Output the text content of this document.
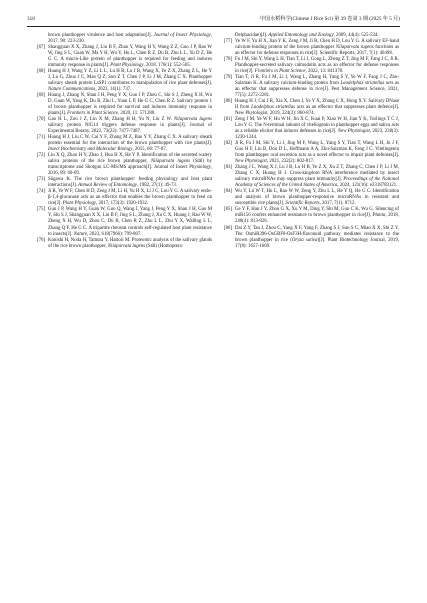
318	中国水稻科学(Chinese J Rice Sci) 第 39 卷第 3 期 (2025 年 5 月)
brown planthopper virulence and host adaptation[J]. Journal of Insect Physiology, 2017, 98: 223-230.
[67] Shangguan X X, Zhang J, Liu B F, Zhao Y, Wang H Y, Wang Z Z, Guo J P, Rao W W, Jing S L, Guan W, Ma Y H, Wu Y, Hu L, Chen R Z, Du B, Zhu L L, Yu D Z, He G C. A mucin-Like protein of planthopper is required for feeding and induces immunity response in plants[J]. Plant Physiology, 2018, 176(1): 552-565.
[68] Huang H J, Wang Y Z, Li L L, Lu H B, Lu J B, Wang X, Ye Z X, Zhang Z L, He Y J, Lu G, Zhuo J C, Mao Q Z, Sun Z T, Chen J P, Li J M, Zhang C X. Planthopper salivary sheath protein LsSP1 contributes to manipulation of rice plant defenses[J]. Nature Communications, 2023, 14(1): 737.
[69] Huang J, Zhang N, Shan J H, Peng Y X, Guo J P, Zhou C, Shi S J, Zheng X H, Wu D, Guan W, Yang K, Du B, Zhu L, Yuan L P, He G C, Chen R Z. Salivary protein 1 of brown planthopper is required for survival and induces immunity response in plants[J]. Frontiers in Plant Science, 2020, 11: 571280.
[70] Gao H L, Zou J Z, Lin X M, Zhang H H, Yu N, Liu Z W. Nilaparvata lugens salivary protein NlG14 triggers defense response in plants[J]. Journal of Experimental Botany, 2022, 73(22): 7477-7487.
[71] Huang H J, Liu C W, Cai Y F, Zhang M Z, Bao Y Y, Zhang C X. A salivary sheath protein essential for the interaction of the brown planthopper with rice plants[J]. Insect Biochemistry and Molecular Biology, 2015, 66: 77-87.
[72] Liu X Q, Zhou H Y, Zhao J, Hua H X, He Y P. Identification of the secreted watery saliva proteins of the rice brown planthopper, Nilaparvata lugens (Stål) by transcriptome and Shotgun LC-MS/MS approach[J]. Journal of Insect Physiology, 2016, 89: 60-69.
[73] Sōgawa K. The rice brown planthopper: feeding physiology and host plant interactions[J]. Annual Review of Entomology, 1982, 27(1): 49-73.
[74] Ji R, Ye W F, Chen H D, Zeng J M, Li H, Yu H X, Li J C, Lou Y G. A salivary endo-β-1,4-glucanase acts as an effector that enables the brown planthopper to feed on rice[J]. Plant Physiology, 2017, 173(3): 1920-1932.
[75] Guo J P, Wang H Y, Guan W, Guo Q, Wang J, Yang J, Peng Y X, Shan J H, Gao M Y, Shi S J, Shangguan X X, Liu B F, Jing S L, Zhang J, Xu C X, Huang J, Rao W W, Zheng X H, Wu D, Zhou C, Du B, Chen R Z, Zhu L L, Zhu Y X, Walling L L, Zhang Q F, He G C. A tripartite rheostat controls self-regulated host plant resistance to insects[J]. Nature, 2023, 618(7966): 799-807.
[76] Konishi H, Noda H, Tamura Y, Hattori M. Proteomic analysis of the salivary glands of the rice brown planthopper, Nilaparvata lugens (Stål) (Homoptera:
Delphacidae)[J]. Applied Entomology and Zoology, 2009, 44(4): 525-534.
[77] Ye W F, Yu H X, Jian Y K, Zeng J M, Ji R, Chen H D, Lou Y G. A salivary EF-hand calcium-binding protein of the brown planthopper Nilaparvata lugens functions as an effector for defense responses in rice[J]. Scientific Reports, 2017, 7(1): 40498.
[78] Fu J M, Shi Y, Wang L H, Tian T, Li J, Gong L, Zheng Z T, Jing M F, Fang J C, Ji R. Planthopper-secreted salivary calmodulin acts as an effector for defense responses in rice[J]. Frontiers in Plant Science, 2022, 13: 841378.
[79] Tian T, Ji R, Fu J M, Li J, Wang L, Zhang H, Yang S Y, Ye W F, Fang J C, Zhu-Salzman K. A salivary calcium-binding protein from Laodelphax striatellus acts as an effector that suppresses defense in rice[J]. Pest Management Science, 2021, 77(5): 2272-2281.
[80] Huang H J, Cui J R, Xia X, Chen J, Ye Y X, Zhang C X, Hong X Y. Salivary DNase II from Laodelphax striatellus acts as an effector that suppresses plant defence[J]. New Phytologist, 2019, 224(2): 860-874.
[81] Zeng J M, Ye W F, Hu W H, Jin X C, Kuai P, Xiao W H, Jian Y K, Turlings T C J, Lou Y G. The N-terminal subunit of vitellogenin in planthopper eggs and saliva acts as a reliable elicitor that induces defenses in rice[J]. New Phytologist, 2023, 238(3): 1230-1244.
[82] Ji R, Fu J M, Shi Y, Li J, Jing M F, Wang L, Yang S Y, Tian T, Wang L H, Ju J F, Guo H F, Liu B, Dou D L, Hoffmann A A, Zhu-Salzman K, Fang J C. Vitellogenin from planthopper oral secretion acts as a novel effector to impair plant defenses[J]. New Phytologist, 2021, 232(2): 802-817.
[83] Zhang J L, Wang X J, Lu J B, Lu H B, Ye Z X, Xu Z T, Zhang C, Chen J P, Li J M, Zhang C X, Huang H J. Cross-kingdom RNA interference mediated by insect salivary microRNAs may suppress plant immunity[J]. Proceedings of the National Academy of Sciences of the United States of America, 2024, 121(16): e2318783121.
[84] Wu Y, Lü W T, Hu L, Rao W W, Zeng Y, Zhu L L, He Y Q, He G C. Identification and analysis of brown planthopper-responsive microRNAs in resistant and susceptible rice plants[J]. Scientific Reports, 2017, 7(1): 8712.
[85] Ge Y F, Han J Y, Zhou G X, Xu Y M, Ding Y, Shi M, Guo C K, Wu G. Silencing of miR156 confers enhanced resistance to brown planthopper in rice[J]. Planta, 2018, 248(4): 813-826.
[86] Dai Z Y, Tan J, Zhou C, Yang X F, Yang F, Zhang S J, Sun S C, Miao X X, Shi Z Y. The OsmiR396-OsGRF8-OsF3H-flavonoid pathway mediates resistance to the brown planthopper in rice (Oryza sativa)[J]. Plant Biotechnology Journal, 2019, 17(8): 1657-1669.
